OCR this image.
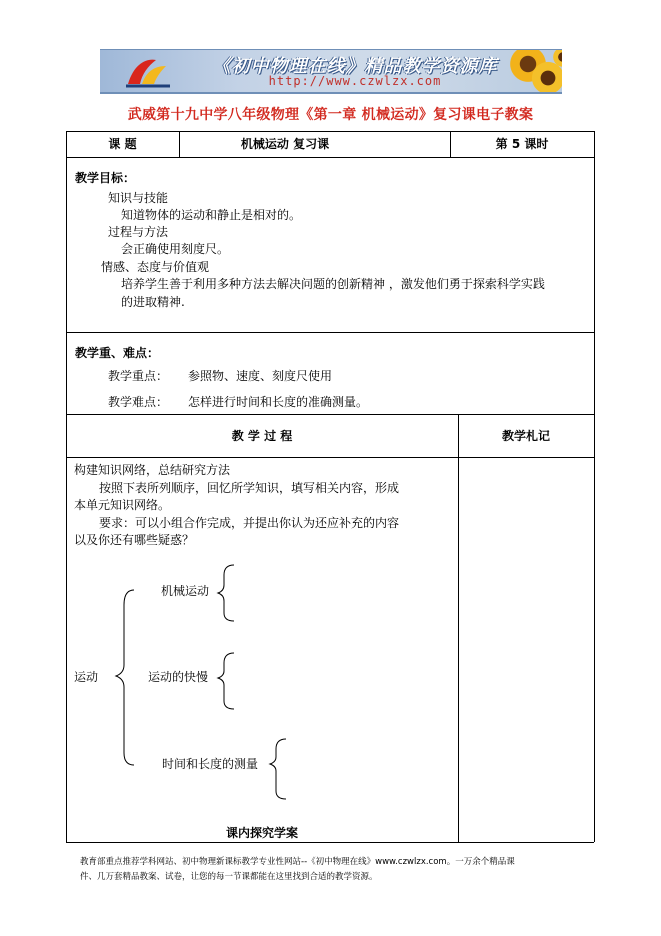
《初中物理在线》精品教学资源库
http://www.czwlzx.com
武威第十九中学八年级物理《第一章 机械运动》复习课电子教案
课 题	机械运动 复习课	第 5 课时
教学目标：
知识与技能
知道物体的运动和静止是相对的。
过程与方法
会正确使用刻度尺。
情感、态度与价值观
培养学生善于利用多种方法去解决问题的创新精神 ，激发他们勇于探索科学实践
的进取精神.
教学重、难点：
教学重点： 参照物、速度、刻度尺使用
教学难点： 怎样进行时间和长度的准确测量。
教 学 过 程	教学札记
构建知识网络，总结研究方法
按照下表所列顺序，回忆所学知识，填写相关内容，形成
本单元知识网络。
要求：可以小组合作完成，并提出你认为还应补充的内容
以及你还有哪些疑惑？
运动
机械运动
运动的快慢
时间和长度的测量
课内探究学案
教育部重点推荐学科网站、初中物理新课标教学专业性网站--《初中物理在线》www.czwlzx.com。一万余个精品课
件、几万套精品教案、试卷，让您的每一节课都能在这里找到合适的教学资源。
